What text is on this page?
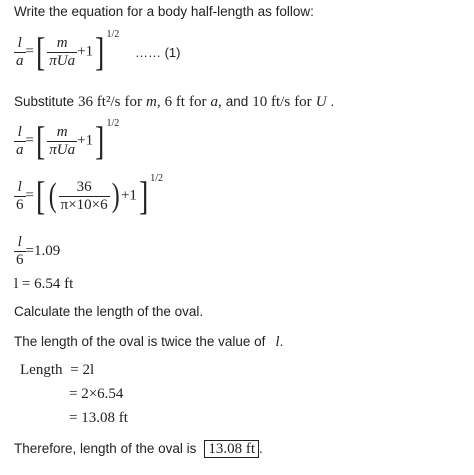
Write the equation for a body half-length as follow:
$\frac{l}{a}$ =[ $\frac{m}{\text{πUa}} +1$] $^{1/2}$ …… (1)
Substitute 36 ft²/s for m, 6 ft for a, and 10 ft/s for U .
$\frac{l}{a}$ =[ $\frac{m}{\text{πUa}} +1$] $^{1/2}$
$\frac{l}{6}$ =[ ( $\frac{36}{\pi\times 10\times 6}$ ) +1] $^{1/2}$
$\frac{l}{6} =1.09$
l = 6.54 ft
Calculate the length of the oval.
The length of the oval is twice the value of l.
Length = 2l
= 2×6.54
= 13.08 ft
Therefore, length of the oval is 13.08 ft .
